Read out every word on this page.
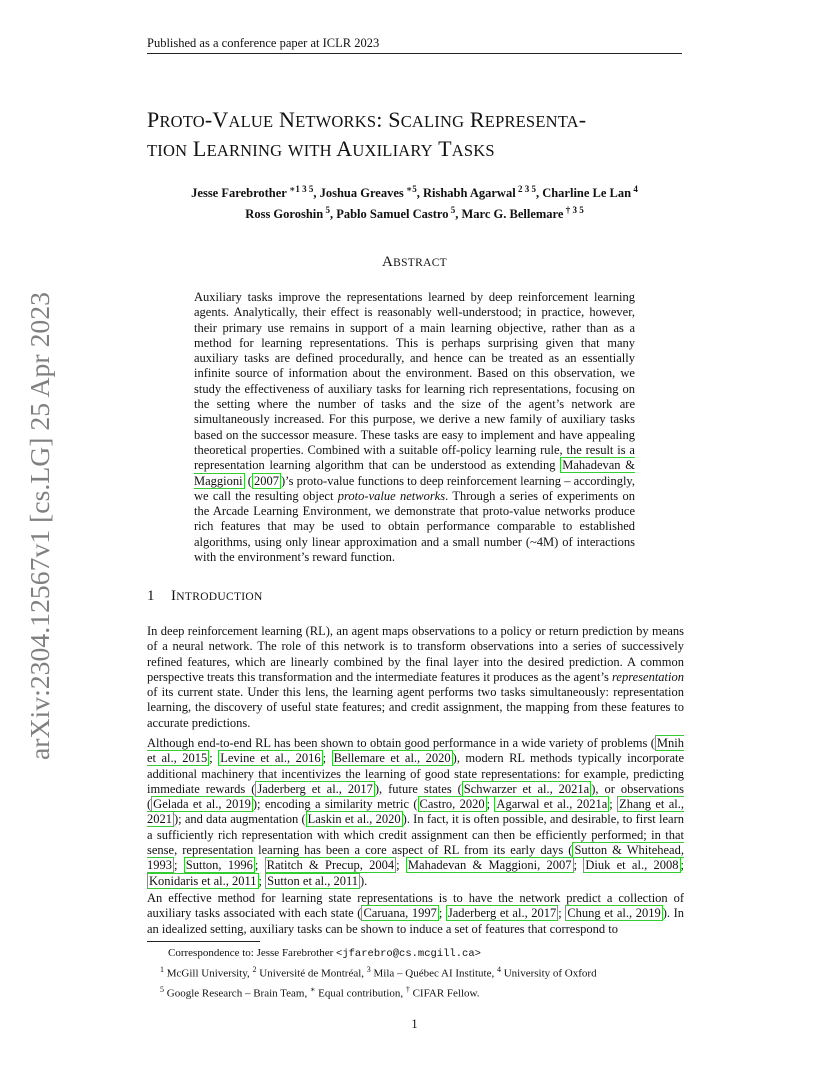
Published as a conference paper at ICLR 2023
arXiv:2304.12567v1 [cs.LG] 25 Apr 2023
PROTO-VALUE NETWORKS: SCALING REPRESENTA-
TION LEARNING WITH AUXILIARY TASKS
Jesse Farebrother $^{∗1 3 5}$, Joshua Greaves $^{∗5}$, Rishabh Agarwal $^{2 3 5}$, Charline Le Lan $^4$
Ross Goroshin $^5$, Pablo Samuel Castro $^5$, Marc G. Bellemare $^{\dagger 3 5}$
ABSTRACT
Auxiliary tasks improve the representations learned by deep reinforcement learning agents. Analytically, their effect is reasonably well-understood; in practice, however, their primary use remains in support of a main learning objective, rather than as a method for learning representations. This is perhaps surprising given that many auxiliary tasks are defined procedurally, and hence can be treated as an essentially infinite source of information about the environment. Based on this observation, we study the effectiveness of auxiliary tasks for learning rich representations, focusing on the setting where the number of tasks and the size of the agent’s network are simultaneously increased. For this purpose, we derive a new family of auxiliary tasks based on the successor measure. These tasks are easy to implement and have appealing theoretical properties. Combined with a suitable off-policy learning rule, the result is a representation learning algorithm that can be understood as extending Mahadevan & Maggioni ( 2007 )’s proto-value functions to deep reinforcement learning – accordingly, we call the resulting object proto-value networks. Through a series of experiments on the Arcade Learning Environment, we demonstrate that proto-value networks produce rich features that may be used to obtain performance comparable to established algorithms, using only linear approximation and a small number (~4M) of interactions with the environment’s reward function.
1 INTRODUCTION
In deep reinforcement learning (RL), an agent maps observations to a policy or return prediction by means of a neural network. The role of this network is to transform observations into a series of successively refined features, which are linearly combined by the final layer into the desired prediction. A common perspective treats this transformation and the intermediate features it produces as the agent’s representation of its current state. Under this lens, the learning agent performs two tasks simultaneously: representation learning, the discovery of useful state features; and credit assignment, the mapping from these features to accurate predictions.
Although end-to-end RL has been shown to obtain good performance in a wide variety of problems ( Mnih et al., 2015 ; Levine et al., 2016 ; Bellemare et al., 2020 ), modern RL methods typically incorporate additional machinery that incentivizes the learning of good state representations: for example, predicting immediate rewards ( Jaderberg et al., 2017 ), future states ( Schwarzer et al., 2021a ), or observations ( Gelada et al., 2019 ); encoding a similarity metric ( Castro, 2020 ; Agarwal et al., 2021a ; Zhang et al., 2021 ); and data augmentation ( Laskin et al., 2020 ). In fact, it is often possible, and desirable, to first learn a sufficiently rich representation with which credit assignment can then be efficiently performed; in that sense, representation learning has been a core aspect of RL from its early days ( Sutton & Whitehead, 1993 ; Sutton, 1996 ; Ratitch & Precup, 2004 ; Mahadevan & Maggioni, 2007 ; Diuk et al., 2008 ; Konidaris et al., 2011 ; Sutton et al., 2011 ).
An effective method for learning state representations is to have the network predict a collection of auxiliary tasks associated with each state ( Caruana, 1997 ; Jaderberg et al., 2017 ; Chung et al., 2019 ). In an idealized setting, auxiliary tasks can be shown to induce a set of features that correspond to
Correspondence to: Jesse Farebrother <jfarebro@cs.mcgill.ca>
$^1$ McGill University, $^2$ Université de Montréal, $^3$ Mila – Québec AI Institute, $^4$ University of Oxford
$^5$ Google Research – Brain Team, ∗ Equal contribution, † CIFAR Fellow.
1
